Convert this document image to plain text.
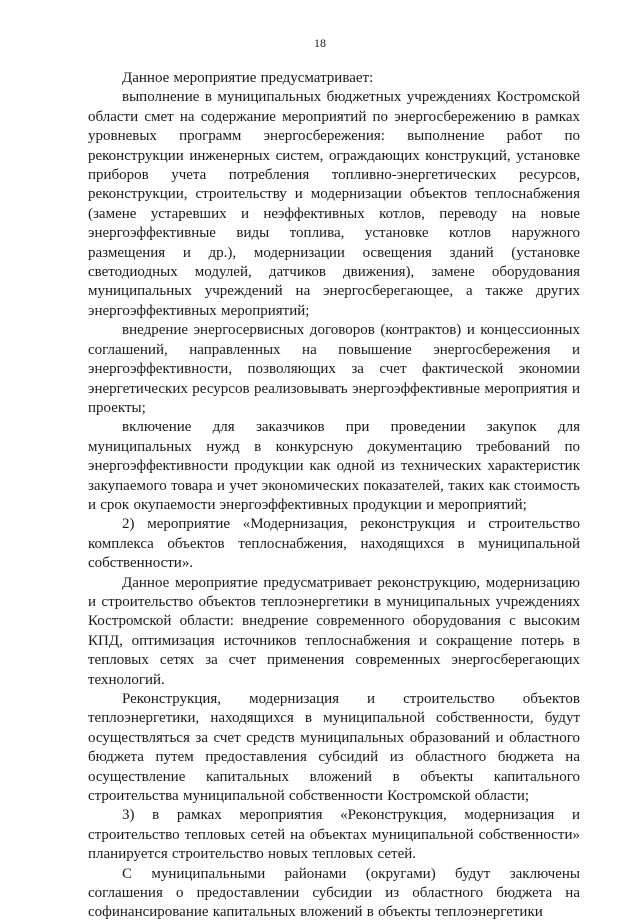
18

Данное мероприятие предусматривает:

выполнение в муниципальных бюджетных учреждениях Костромской области смет на содержание мероприятий по энергосбережению в рамках уровневых программ энергосбережения: выполнение работ по реконструкции инженерных систем, ограждающих конструкций, установке приборов учета потребления топливно-энергетических ресурсов, реконструкции, строительству и модернизации объектов теплоснабжения (замене устаревших и неэффективных котлов, переводу на новые энергоэффективные виды топлива, установке котлов наружного размещения и др.), модернизации освещения зданий (установке светодиодных модулей, датчиков движения), замене оборудования муниципальных учреждений на энергосберегающее, а также других энергоэффективных мероприятий;

внедрение энергосервисных договоров (контрактов) и концессионных соглашений, направленных на повышение энергосбережения и энергоэффективности, позволяющих за счет фактической экономии энергетических ресурсов реализовывать энергоэффективные мероприятия и проекты;

включение для заказчиков при проведении закупок для муниципальных нужд в конкурсную документацию требований по энергоэффективности продукции как одной из технических характеристик закупаемого товара и учет экономических показателей, таких как стоимость и срок окупаемости энергоэффективных продукции и мероприятий;

2) мероприятие «Модернизация, реконструкция и строительство комплекса объектов теплоснабжения, находящихся в муниципальной собственности».

Данное мероприятие предусматривает реконструкцию, модернизацию и строительство объектов теплоэнергетики в муниципальных учреждениях Костромской области: внедрение современного оборудования с высоким КПД, оптимизация источников теплоснабжения и сокращение потерь в тепловых сетях за счет применения современных энергосберегающих технологий.

Реконструкция, модернизация и строительство объектов теплоэнергетики, находящихся в муниципальной собственности, будут осуществляться за счет средств муниципальных образований и областного бюджета путем предоставления субсидий из областного бюджета на осуществление капитальных вложений в объекты капитального строительства муниципальной собственности Костромской области;

3) в рамках мероприятия «Реконструкция, модернизация и строительство тепловых сетей на объектах муниципальной собственности» планируется строительство новых тепловых сетей.

С муниципальными районами (округами) будут заключены соглашения о предоставлении субсидии из областного бюджета на софинансирование капитальных вложений в объекты теплоэнергетики
